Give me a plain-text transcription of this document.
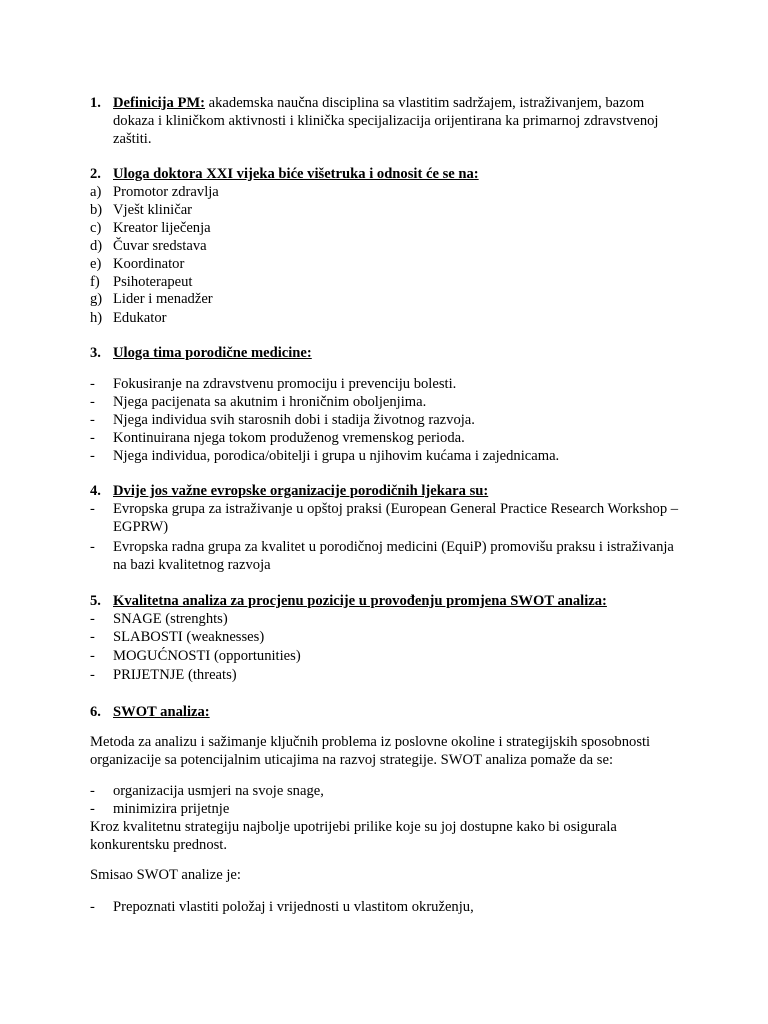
1. Definicija PM: akademska naučna disciplina sa vlastitim sadržajem, istraživanjem, bazom dokaza i kliničkom aktivnosti i klinička specijalizacija orijentirana ka primarnoj zdravstvenoj zaštiti.
2. Uloga doktora XXI vijeka biće višetruka i odnosit će se na:
a) Promotor zdravlja
b) Vješt kliničar
c) Kreator liječenja
d) Čuvar sredstava
e) Koordinator
f) Psihoterapeut
g) Lider i menadžer
h) Edukator
3. Uloga tima porodične medicine:
- Fokusiranje na zdravstvenu promociju i prevenciju bolesti.
- Njega pacijenata sa akutnim i hroničnim oboljenjima.
- Njega individua svih starosnih dobi i stadija životnog razvoja.
- Kontinuirana njega tokom produženog vremenskog perioda.
- Njega individua, porodica/obitelji i grupa u njihovim kućama i zajednicama.
4. Dvije jos važne evropske organizacije porodičnih ljekara su:
- Evropska grupa za istraživanje u opštoj praksi (European General Practice Research Workshop – EGPRW)
- Evropska radna grupa za kvalitet u porodičnoj medicini (EquiP) promovišu praksu i istraživanja na bazi kvalitetnog razvoja
5. Kvalitetna analiza za procjenu pozicije u provođenju promjena SWOT analiza:
- SNAGE (strenghts)
- SLABOSTI (weaknesses)
- MOGUĆNOSTI (opportunities)
- PRIJETNJE (threats)
6. SWOT analiza:
Metoda za analizu i sažimanje ključnih problema iz poslovne okoline i strategijskih sposobnosti organizacije sa potencijalnim uticajima na razvoj strategije. SWOT analiza pomaže da se:
- organizacija usmjeri na svoje snage,
- minimizira prijetnje
Kroz kvalitetnu strategiju najbolje upotrijebi prilike koje su joj dostupne kako bi osigurala konkurentsku prednost.
Smisao SWOT analize je:
- Prepoznati vlastiti položaj i vrijednosti u vlastitom okruženju,
